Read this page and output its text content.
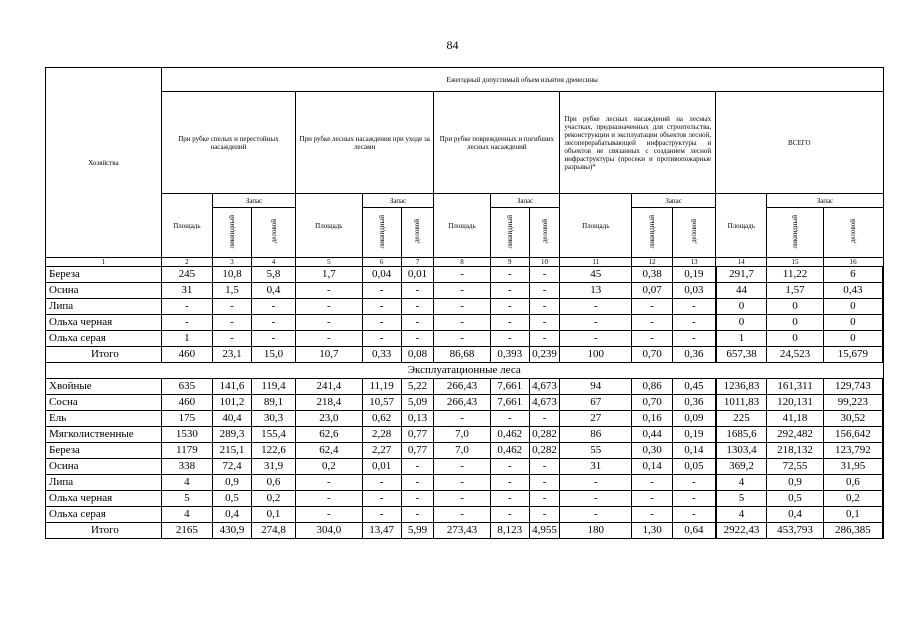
84
Хозяйства	Ежегодный допустимый объем изъятия древесины														
	При рубке спелых и перестойных насаждений			При рубке лесных насаждения при уходе за лесами			При рубке поврежденных и погибших лесных насаждений			При рубке лесных насаждений на лесных участках, предназначенных для строительства, реконструкции и эксплуатации объектов лесной, лесоперерабатывающей инфраструктуры и объектов не связанных с созданием лесной инфраструктуры (просеки и противопожарные разрывы)*			ВСЕГО		
	Площадь	Запас		Площадь	Запас		Площадь	Запас		Площадь	Запас		Площадь	Запас	
		ликвидный	деловой		ликвидный	деловой		ликвидный	деловой		ликвидный	деловой		ликвидный	деловой
1	2	3	4	5	6	7	8	9	10	11	12	13	14	15	16
Береза	245	10,8	5,8	1,7	0,04	0,01	-	-	-	45	0,38	0,19	291,7	11,22	6
Осина	31	1,5	0,4	-	-	-	-	-	-	13	0,07	0,03	44	1,57	0,43
Липа	-	-	-	-	-	-	-	-	-	-	-	-	0	0	0
Ольха черная	-	-	-	-	-	-	-	-	-	-	-	-	0	0	0
Ольха серая	1	-	-	-	-	-	-	-	-	-	-	-	1	0	0
Итого	460	23,1	15,0	10,7	0,33	0,08	86,68	0,393	0,239	100	0,70	0,36	657,38	24,523	15,679
Эксплуатационные леса															
Хвойные	635	141,6	119,4	241,4	11,19	5,22	266,43	7,661	4,673	94	0,86	0,45	1236,83	161,311	129,743
Сосна	460	101,2	89,1	218,4	10,57	5,09	266,43	7,661	4,673	67	0,70	0,36	1011,83	120,131	99,223
Ель	175	40,4	30,3	23,0	0,62	0,13	-	-	-	27	0,16	0,09	225	41,18	30,52
Мягколиственные	1530	289,3	155,4	62,6	2,28	0,77	7,0	0,462	0,282	86	0,44	0,19	1685,6	292,482	156,642
Береза	1179	215,1	122,6	62,4	2,27	0,77	7,0	0,462	0,282	55	0,30	0,14	1303,4	218,132	123,792
Осина	338	72,4	31,9	0,2	0,01	-	-	-	-	31	0,14	0,05	369,2	72,55	31,95
Липа	4	0,9	0,6	-	-	-	-	-	-	-	-	-	4	0,9	0,6
Ольха черная	5	0,5	0,2	-	-	-	-	-	-	-	-	-	5	0,5	0,2
Ольха серая	4	0,4	0,1	-	-	-	-	-	-	-	-	-	4	0,4	0,1
Итого	2165	430,9	274,8	304,0	13,47	5,99	273,43	8,123	4,955	180	1,30	0,64	2922,43	453,793	286,385
